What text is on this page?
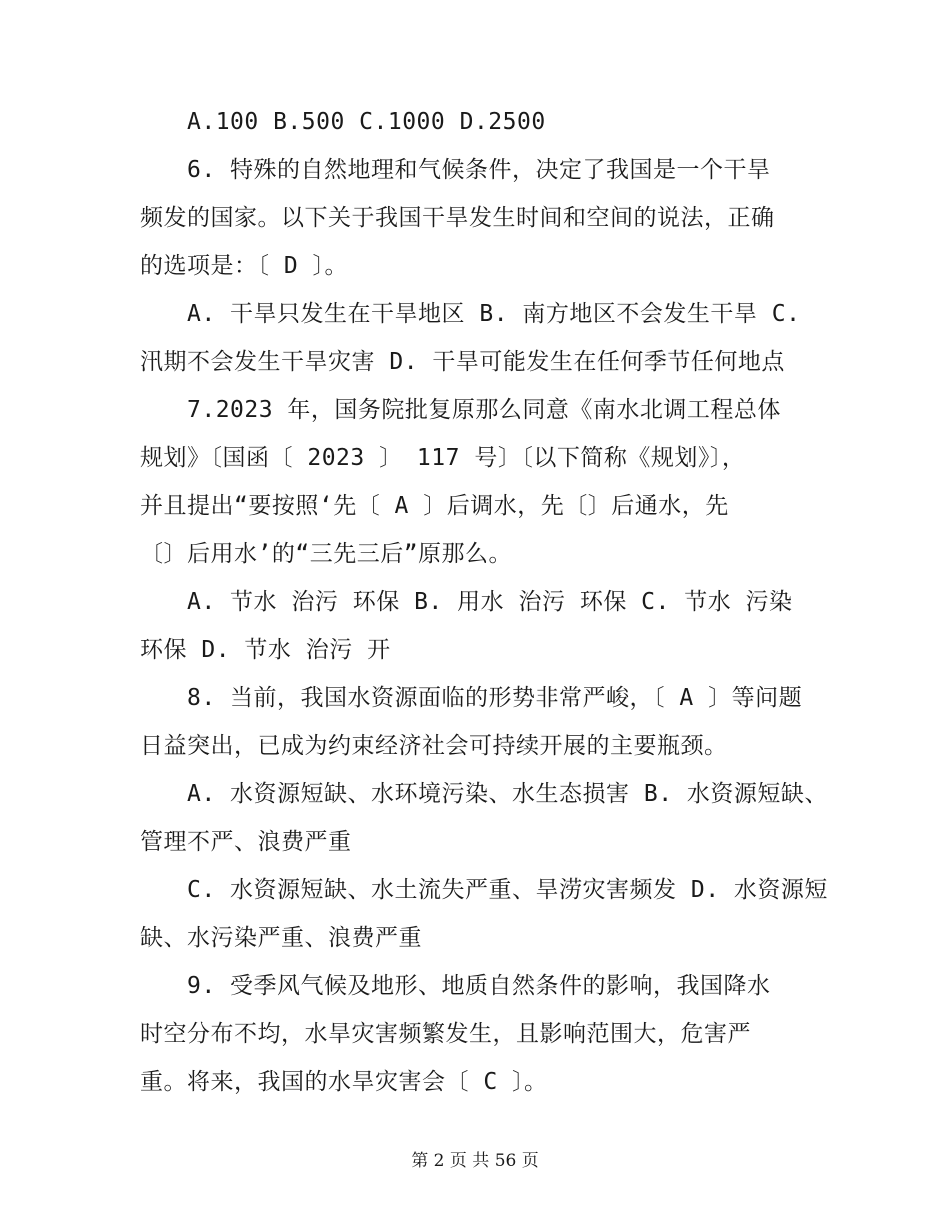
A.100 B.500 C.1000 D.2500
6. 特殊的自然地理和气候条件，决定了我国是一个干旱
频发的国家。以下关于我国干旱发生时间和空间的说法，正确
的选项是：〔 D 〕。
A. 干旱只发生在干旱地区 B. 南方地区不会发生干旱 C.
汛期不会发生干旱灾害 D. 干旱可能发生在任何季节任何地点
7.2023 年，国务院批复原那么同意《南水北调工程总体
规划》〔国函〔 2023 〕 117 号〕〔以下简称《规划》〕，
并且提出“要按照‘先〔 A 〕后调水，先〔〕后通水，先
〔〕后用水’的“三先三后”原那么。
A. 节水 治污 环保 B. 用水 治污 环保 C. 节水 污染
环保 D. 节水 治污 开
8. 当前，我国水资源面临的形势非常严峻，〔 A 〕等问题
日益突出，已成为约束经济社会可持续开展的主要瓶颈。
A. 水资源短缺、水环境污染、水生态损害 B. 水资源短缺、
管理不严、浪费严重
C. 水资源短缺、水土流失严重、旱涝灾害频发 D. 水资源短
缺、水污染严重、浪费严重
9. 受季风气候及地形、地质自然条件的影响，我国降水
时空分布不均，水旱灾害频繁发生，且影响范围大，危害严
重。将来，我国的水旱灾害会〔 C 〕。
第 2 页 共 56 页
